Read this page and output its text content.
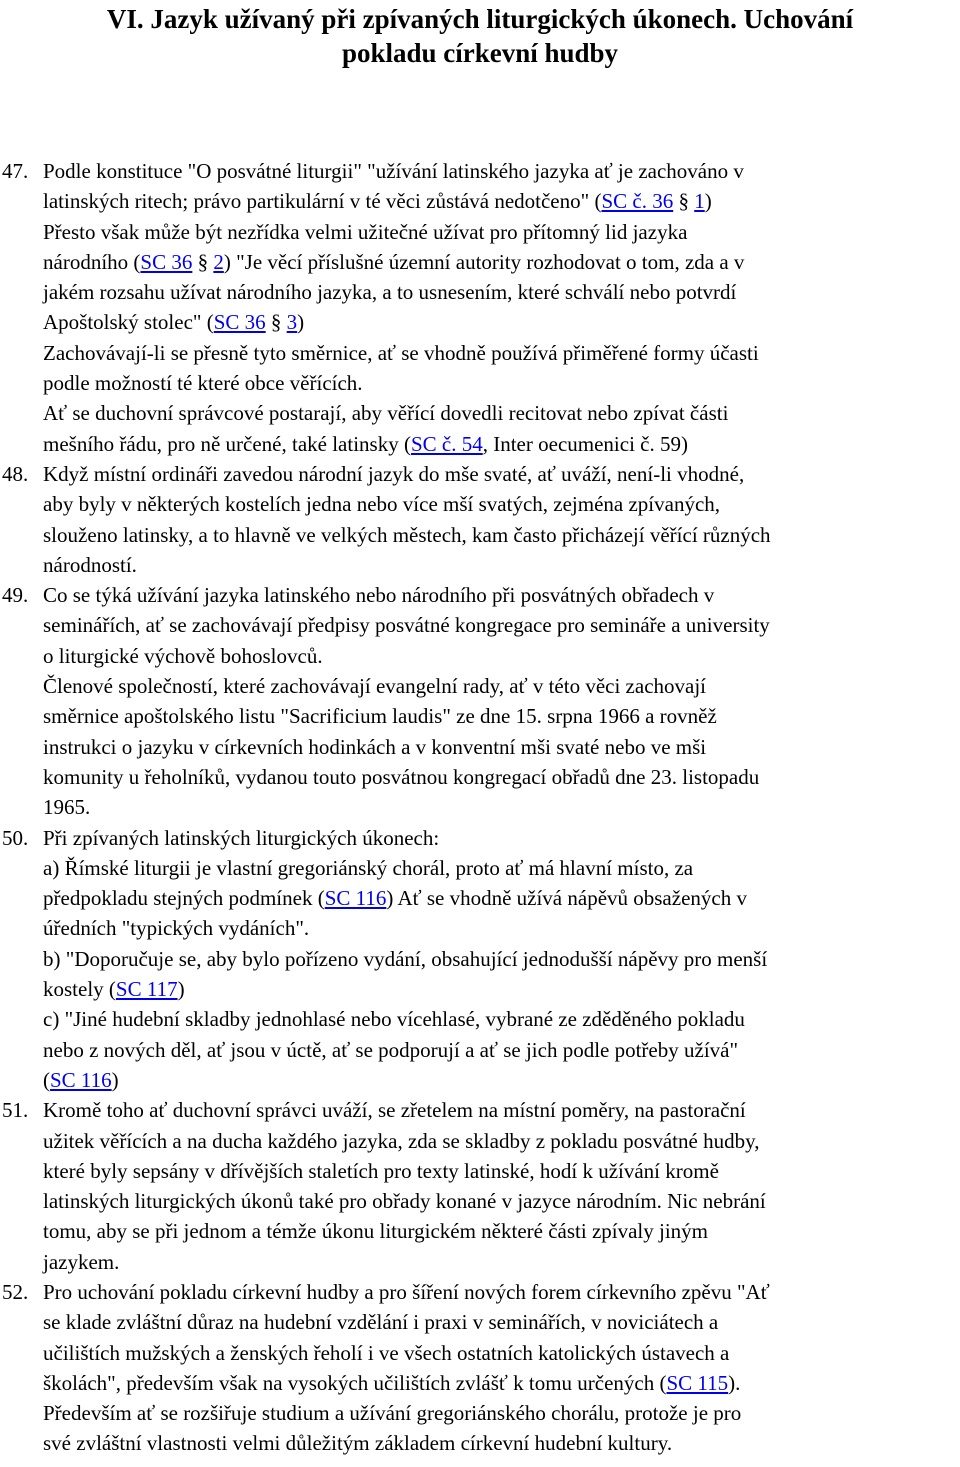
VI. Jazyk užívaný při zpívaných liturgických úkonech. Uchování
pokladu církevní hudby
47. Podle konstituce "O posvátné liturgii" "užívání latinského jazyka ať je zachováno v
latinských ritech; právo partikulární v té věci zůstává nedotčeno" (SC č. 36 § 1)
Přesto však může být nezřídka velmi užitečné užívat pro přítomný lid jazyka
národního (SC 36 § 2) "Je věcí příslušné územní autority rozhodovat o tom, zda a v
jakém rozsahu užívat národního jazyka, a to usnesením, které schválí nebo potvrdí
Apoštolský stolec" (SC 36 § 3)
Zachovávají-li se přesně tyto směrnice, ať se vhodně používá přiměřené formy účasti
podle možností té které obce věřících.
Ať se duchovní správcové postarají, aby věřící dovedli recitovat nebo zpívat části
mešního řádu, pro ně určené, také latinsky (SC č. 54, Inter oecumenici č. 59)
48. Když místní ordináři zavedou národní jazyk do mše svaté, ať uváží, není-li vhodné,
aby byly v některých kostelích jedna nebo více mší svatých, zejména zpívaných,
slouženo latinsky, a to hlavně ve velkých městech, kam často přicházejí věřící různých
národností.
49. Co se týká užívání jazyka latinského nebo národního při posvátných obřadech v
seminářích, ať se zachovávají předpisy posvátné kongregace pro semináře a university
o liturgické výchově bohoslovců.
Členové společností, které zachovávají evangelní rady, ať v této věci zachovají
směrnice apoštolského listu "Sacrificium laudis" ze dne 15. srpna 1966 a rovněž
instrukci o jazyku v církevních hodinkách a v konventní mši svaté nebo ve mši
komunity u řeholníků, vydanou touto posvátnou kongregací obřadů dne 23. listopadu
1965.
50. Při zpívaných latinských liturgických úkonech:
a) Římské liturgii je vlastní gregoriánský chorál, proto ať má hlavní místo, za
předpokladu stejných podmínek (SC 116) Ať se vhodně užívá nápěvů obsažených v
úředních "typických vydáních".
b) "Doporučuje se, aby bylo pořízeno vydání, obsahující jednodušší nápěvy pro menší
kostely (SC 117)
c) "Jiné hudební skladby jednohlasé nebo vícehlasé, vybrané ze zděděného pokladu
nebo z nových děl, ať jsou v úctě, ať se podporují a ať se jich podle potřeby užívá"
(SC 116)
51. Kromě toho ať duchovní správci uváží, se zřetelem na místní poměry, na pastorační
užitek věřících a na ducha každého jazyka, zda se skladby z pokladu posvátné hudby,
které byly sepsány v dřívějších staletích pro texty latinské, hodí k užívání kromě
latinských liturgických úkonů také pro obřady konané v jazyce národním. Nic nebrání
tomu, aby se při jednom a témže úkonu liturgickém některé části zpívaly jiným
jazykem.
52. Pro uchování pokladu církevní hudby a pro šíření nových forem církevního zpěvu "Ať
se klade zvláštní důraz na hudební vzdělání i praxi v seminářích, v noviciátech a
učilištích mužských a ženských řeholí i ve všech ostatních katolických ústavech a
školách", především však na vysokých učilištích zvlášť k tomu určených (SC 115).
Především ať se rozšiřuje studium a užívání gregoriánského chorálu, protože je pro
své zvláštní vlastnosti velmi důležitým základem církevní hudební kultury.
